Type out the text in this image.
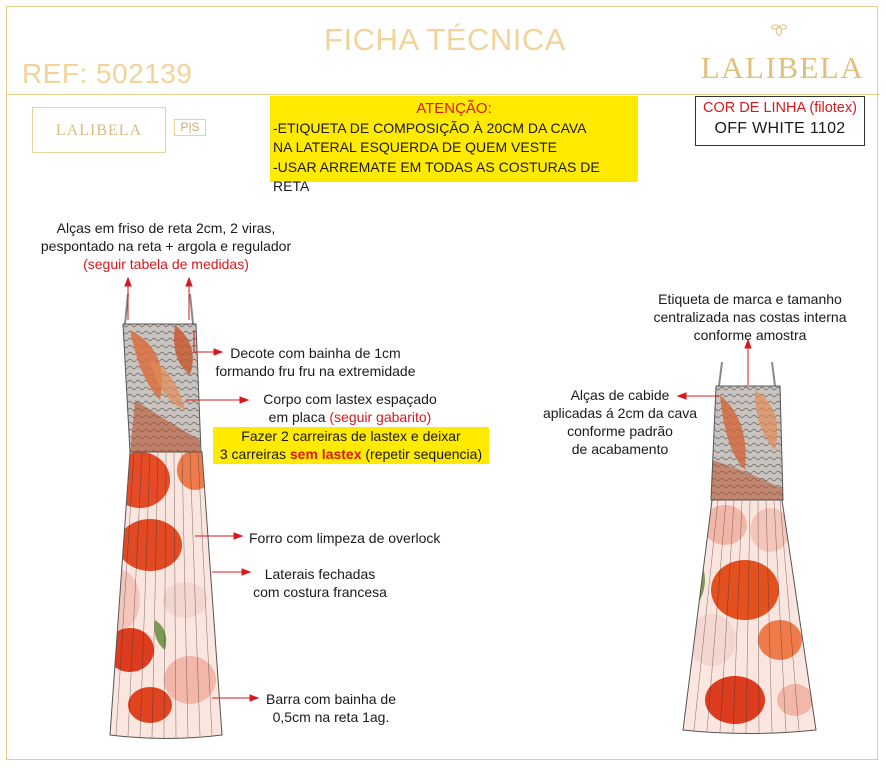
FICHA TÉCNICA
REF: 502139	LALIBELA
LALIBELA	P|S
ATENÇÃO:
-ETIQUETA DE COMPOSIÇÃO À 20CM DA CAVA
NA LATERAL ESQUERDA DE QUEM VESTE
-USAR ARREMATE EM TODAS AS COSTURAS DE RETA
COR DE LINHA (filotex)
OFF WHITE 1102
Alças em friso de reta 2cm, 2 viras,
pespontado na reta + argola e regulador
(seguir tabela de medidas)
Decote com bainha de 1cm
formando fru fru na extremidade
Corpo com lastex espaçado
em placa (seguir gabarito)
Fazer 2 carreiras de lastex e deixar
3 carreiras sem lastex (repetir sequencia)
Forro com limpeza de overlock
Laterais fechadas
com costura francesa
Barra com bainha de
0,5cm na reta 1ag.
Etiqueta de marca e tamanho
centralizada nas costas interna
conforme amostra
Alças de cabide
aplicadas á 2cm da cava
conforme padrão
de acabamento
